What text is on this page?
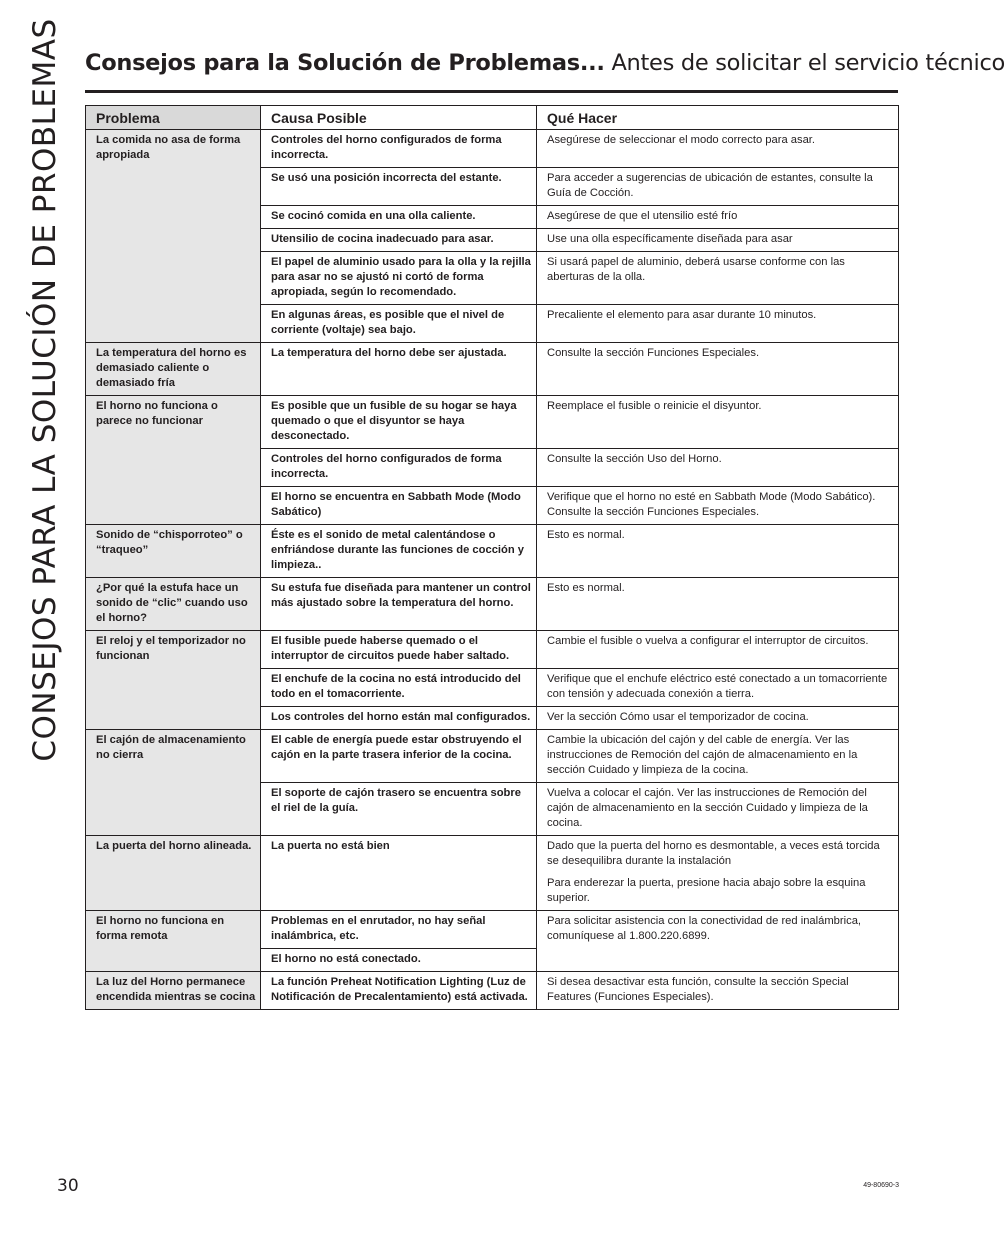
CONSEJOS PARA LA SOLUCIÓN DE PROBLEMAS Consejos para la Solución de Problemas... Antes de solicitar el servicio técnico
Problema	Causa Posible	Qué Hacer
La comida no asa de forma apropiada	Controles del horno configurados de forma incorrecta.	Asegúrese de seleccionar el modo correcto para asar.

	Se usó una posición incorrecta del estante.	Para acceder a sugerencias de ubicación de estantes, consulte la Guía de Cocción.

	Se cocinó comida en una olla caliente.	Asegúrese de que el utensilio esté frío

	Utensilio de cocina inadecuado para asar.	Use una olla específicamente diseñada para asar

	El papel de aluminio usado para la olla y la rejilla para asar no se ajustó ni cortó de forma apropiada, según lo recomendado.	Si usará papel de aluminio, deberá usarse conforme con las aberturas de la olla.

	En algunas áreas, es posible que el nivel de corriente (voltaje) sea bajo.	Precaliente el elemento para asar durante 10 minutos.

La temperatura del horno es demasiado caliente o demasiado fría	La temperatura del horno debe ser ajustada.	Consulte la sección Funciones Especiales.

El horno no funciona o parece no funcionar	Es posible que un fusible de su hogar se haya quemado o que el disyuntor se haya desconectado.	Reemplace el fusible o reinicie el disyuntor.

	Controles del horno configurados de forma incorrecta.	Consulte la sección Uso del Horno.

	El horno se encuentra en Sabbath Mode (Modo Sabático)	Verifique que el horno no esté en Sabbath Mode (Modo Sabático). Consulte la sección Funciones Especiales.

Sonido de “chisporroteo” o “traqueo”	Éste es el sonido de metal calentándose o enfriándose durante las funciones de cocción y limpieza..	Esto es normal.

¿Por qué la estufa hace un sonido de “clic” cuando uso el horno?	Su estufa fue diseñada para mantener un control más ajustado sobre la temperatura del horno.	Esto es normal.

El reloj y el temporizador no funcionan	El fusible puede haberse quemado o el interruptor de circuitos puede haber saltado.	Cambie el fusible o vuelva a configurar el interruptor de circuitos.

	El enchufe de la cocina no está introducido del todo en el tomacorriente.	Verifique que el enchufe eléctrico esté conectado a un tomacorriente con tensión y adecuada conexión a tierra.

	Los controles del horno están mal configurados.	Ver la sección Cómo usar el temporizador de cocina.

El cajón de almacenamiento no cierra	El cable de energía puede estar obstruyendo el cajón en la parte trasera inferior de la cocina.	Cambie la ubicación del cajón y del cable de energía. Ver las instrucciones de Remoción del cajón de almacenamiento en la sección Cuidado y limpieza de la cocina.

	El soporte de cajón trasero se encuentra sobre el riel de la guía.	Vuelva a colocar el cajón. Ver las instrucciones de Remoción del cajón de almacenamiento en la sección Cuidado y limpieza de la cocina.

La puerta del horno alineada.	La puerta no está bien	Dado que la puerta del horno es desmontable, a veces está torcida se desequilibra durante la instalación

Para enderezar la puerta, presione hacia abajo sobre la esquina superior.

El horno no funciona en forma remota	Problemas en el enrutador, no hay señal inalámbrica, etc.	Para solicitar asistencia con la conectividad de red inalámbrica, comuníquese al 1.800.220.6899.

	El horno no está conectado.	
La luz del Horno permanece encendida mientras se cocina	La función Preheat Notification Lighting (Luz de Notificación de Precalentamiento) está activada.	Si desea desactivar esta función, consulte la sección Special Features (Funciones Especiales).

30	49-80690-3
